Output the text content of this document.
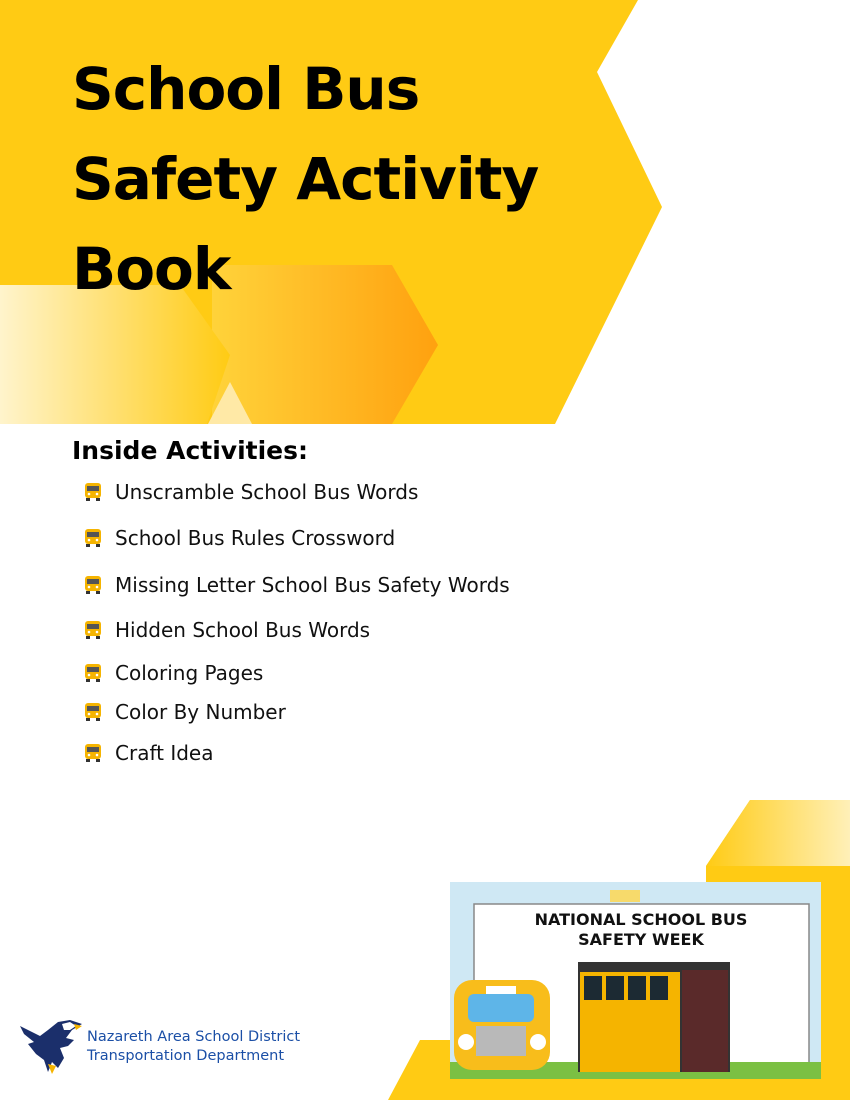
School Bus
Safety Activity
Book
Inside Activities:
Unscramble School Bus Words
School Bus Rules Crossword
Missing Letter School Bus Safety Words
Hidden School Bus Words
Coloring Pages
Color By Number
Craft Idea
Nazareth Area School District
Transportation Department
NATIONAL SCHOOL BUS
SAFETY WEEK
